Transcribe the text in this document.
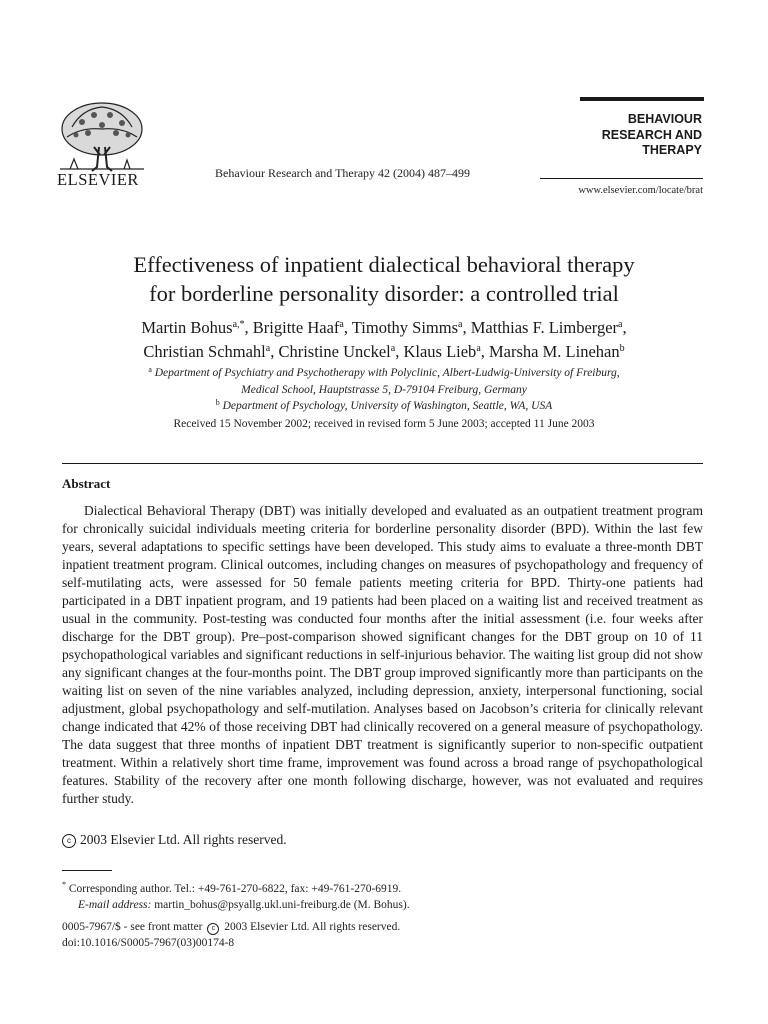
ELSEVIER	Behaviour Research and Therapy 42 (2004) 487–499
BEHAVIOUR
RESEARCH AND
THERAPY
www.elsevier.com/locate/brat
Effectiveness of inpatient dialectical behavioral therapy
for borderline personality disorder: a controlled trial
Martin Bohus$^{a,*}$, Brigitte Haaf$^a$, Timothy Simms$^a$, Matthias F. Limberger$^a$,
Christian Schmahl$^a$, Christine Unckel$^a$, Klaus Lieb$^a$, Marsha M. Linehan$^b$
$^a$ Department of Psychiatry and Psychotherapy with Polyclinic, Albert-Ludwig-University of Freiburg,
Medical School, Hauptstrasse 5, D-79104 Freiburg, Germany
$^b$ Department of Psychology, University of Washington, Seattle, WA, USA
Received 15 November 2002; received in revised form 5 June 2003; accepted 11 June 2003
Abstract

Dialectical Behavioral Therapy (DBT) was initially developed and evaluated as an outpatient treatment program for chronically suicidal individuals meeting criteria for borderline personality disorder (BPD). Within the last few years, several adaptations to specific settings have been developed. This study aims to evaluate a three-month DBT inpatient treatment program. Clinical outcomes, including changes on measures of psychopathology and frequency of self-mutilating acts, were assessed for 50 female patients meeting criteria for BPD. Thirty-one patients had participated in a DBT inpatient program, and 19 patients had been placed on a waiting list and received treatment as usual in the community. Post-testing was conducted four months after the initial assessment (i.e. four weeks after discharge for the DBT group). Pre–post-comparison showed significant changes for the DBT group on 10 of 11 psychopathological variables and significant reductions in self-injurious behavior. The waiting list group did not show any significant changes at the four-months point. The DBT group improved significantly more than participants on the waiting list on seven of the nine variables analyzed, including depression, anxiety, interpersonal functioning, social adjustment, global psychopathology and self-mutilation. Analyses based on Jacobson’s criteria for clinically relevant change indicated that 42% of those receiving DBT had clinically recovered on a general measure of psychopathology. The data suggest that three months of inpatient DBT treatment is significantly superior to non-specific outpatient treatment. Within a relatively short time frame, improvement was found across a broad range of psychopathological features. Stability of the recovery after one month following discharge, however, was not evaluated and requires further study.

c 2003 Elsevier Ltd. All rights reserved.
* Corresponding author. Tel.: +49-761-270-6822, fax: +49-761-270-6919.
E-mail address: martin_bohus@psyallg.ukl.uni-freiburg.de (M. Bohus).
0005-7967/$ - see front matter c 2003 Elsevier Ltd. All rights reserved.
doi:10.1016/S0005-7967(03)00174-8
